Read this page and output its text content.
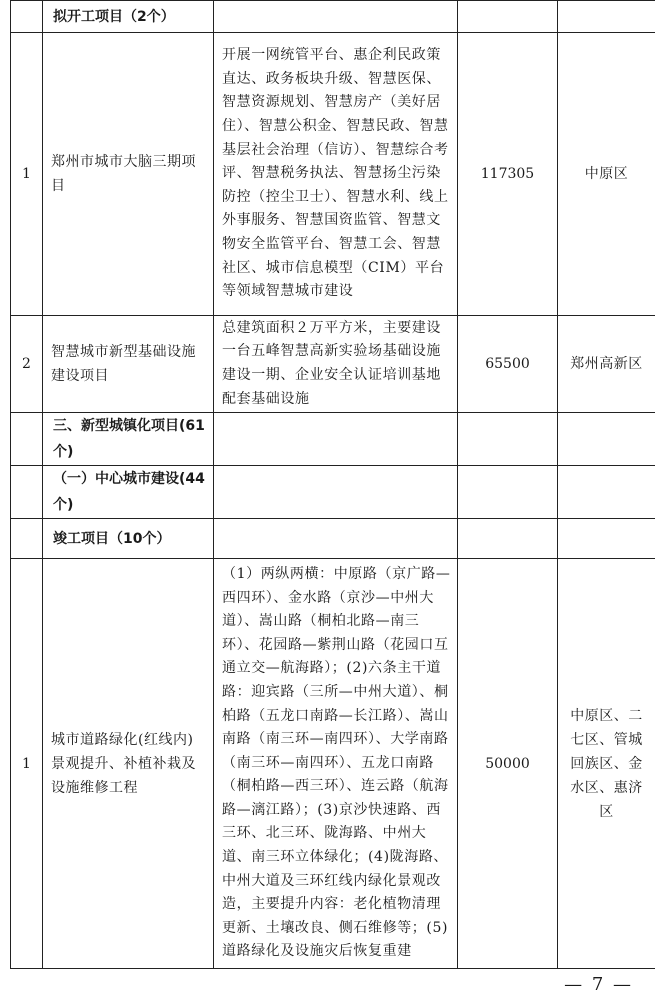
	拟开工项目（2个）			
1	郑州市城市大脑三期项目	开展一网统管平台、惠企利民政策直达、政务板块升级、智慧医保、智慧资源规划、智慧房产（美好居住）、智慧公积金、智慧民政、智慧基层社会治理（信访）、智慧综合考评、智慧税务执法、智慧扬尘污染防控（控尘卫士）、智慧水利、线上外事服务、智慧国资监管、智慧文物安全监管平台、智慧工会、智慧社区、城市信息模型（CIM）平台等领域智慧城市建设	117305	中原区
2	智慧城市新型基础设施建设项目	总建筑面积２万平方米，主要建设一台五峰智慧高新实验场基础设施建设一期、企业安全认证培训基地配套基础设施	65500	郑州高新区
	三、新型城镇化项目(61个)			
	（一）中心城市建设(44个)			
	竣工项目（10个）			
1	城市道路绿化(红线内)景观提升、补植补栽及设施维修工程	（1）两纵两横：中原路（京广路—西四环）、金水路（京沙—中州大道）、嵩山路（桐柏北路—南三环）、花园路—紫荆山路（花园口互通立交—航海路）；(2)六条主干道路：迎宾路（三所—中州大道）、桐柏路（五龙口南路—长江路）、嵩山南路（南三环—南四环）、大学南路（南三环—南四环）、五龙口南路（桐柏路—西三环）、连云路（航海路—漓江路）；(3)京沙快速路、西三环、北三环、陇海路、中州大道、南三环立体绿化；(4)陇海路、中州大道及三环红线内绿化景观改造，主要提升内容：老化植物清理更新、土壤改良、侧石维修等；(5)道路绿化及设施灾后恢复重建	50000	中原区、二七区、管城回族区、金水区、惠济区
— 7 —
